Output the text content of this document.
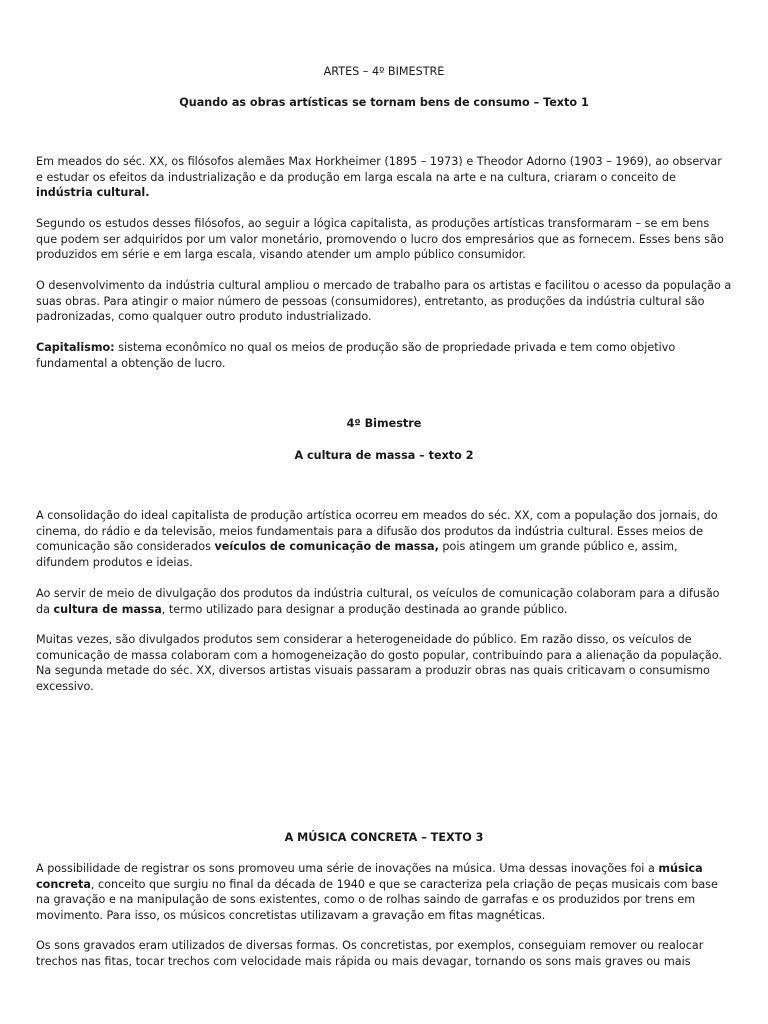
ARTES – 4º BIMESTRE
Quando as obras artísticas se tornam bens de consumo – Texto 1

Em meados do séc. XX, os filósofos alemães Max Horkheimer (1895 – 1973) e Theodor Adorno (1903 – 1969), ao observar e estudar os efeitos da industrialização e da produção em larga escala na arte e na cultura, criaram o conceito de indústria cultural.

Segundo os estudos desses filósofos, ao seguir a lógica capitalista, as produções artísticas transformaram – se em bens que podem ser adquiridos por um valor monetário, promovendo o lucro dos empresários que as fornecem. Esses bens são produzidos em série e em larga escala, visando atender um amplo público consumidor.

O desenvolvimento da indústria cultural ampliou o mercado de trabalho para os artistas e facilitou o acesso da população a suas obras. Para atingir o maior número de pessoas (consumidores), entretanto, as produções da indústria cultural são padronizadas, como qualquer outro produto industrializado.

Capitalismo: sistema econômico no qual os meios de produção são de propriedade privada e tem como objetivo fundamental a obtenção de lucro.

4º Bimestre
A cultura de massa – texto 2

A consolidação do ideal capitalista de produção artística ocorreu em meados do séc. XX, com a população dos jornais, do cinema, do rádio e da televisão, meios fundamentais para a difusão dos produtos da indústria cultural. Esses meios de comunicação são considerados veículos de comunicação de massa, pois atingem um grande público e, assim, difundem produtos e ideias.

Ao servir de meio de divulgação dos produtos da indústria cultural, os veículos de comunicação colaboram para a difusão da cultura de massa, termo utilizado para designar a produção destinada ao grande público.

Muitas vezes, são divulgados produtos sem considerar a heterogeneidade do público. Em razão disso, os veículos de comunicação de massa colaboram com a homogeneização do gosto popular, contribuindo para a alienação da população. Na segunda metade do séc. XX, diversos artistas visuais passaram a produzir obras nas quais criticavam o consumismo excessivo.

A MÚSICA CONCRETA – TEXTO 3

A possibilidade de registrar os sons promoveu uma série de inovações na música. Uma dessas inovações foi a música concreta, conceito que surgiu no final da década de 1940 e que se caracteriza pela criação de peças musicais com base na gravação e na manipulação de sons existentes, como o de rolhas saindo de garrafas e os produzidos por trens em movimento. Para isso, os músicos concretistas utilizavam a gravação em fitas magnéticas.

Os sons gravados eram utilizados de diversas formas. Os concretistas, por exemplos, conseguiam remover ou realocar trechos nas fitas, tocar trechos com velocidade mais rápida ou mais devagar, tornando os sons mais graves ou mais
